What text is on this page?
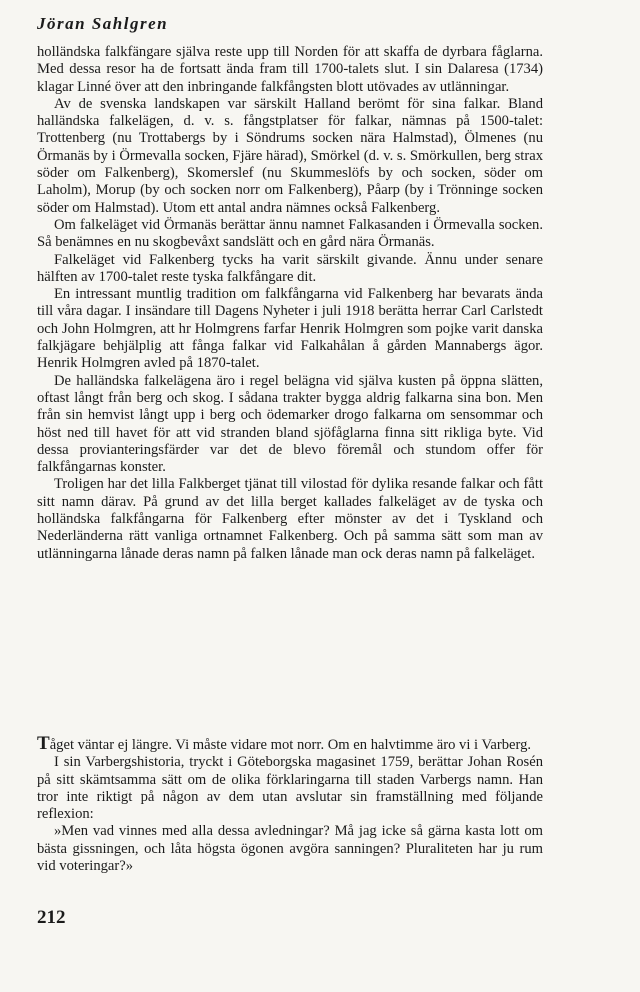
Jöran Sahlgren

holländska falkfängare själva reste upp till Norden för att skaffa de dyrbara fåglarna. Med dessa resor ha de fortsatt ända fram till 1700-talets slut. I sin Dalaresa (1734) klagar Linné över att den inbringande falkfångsten blott utövades av utlänningar.

Av de svenska landskapen var särskilt Halland berömt för sina falkar. Bland halländska falkelägen, d. v. s. fångstplatser för falkar, nämnas på 1500-talet: Trottenberg (nu Trottabergs by i Söndrums socken nära Halmstad), Ölmenes (nu Örmanäs by i Örmevalla socken, Fjäre härad), Smörkel (d. v. s. Smörkullen, berg strax söder om Falkenberg), Skomerslef (nu Skummeslöfs by och socken, söder om Laholm), Morup (by och socken norr om Falkenberg), Påarp (by i Trönninge socken söder om Halmstad). Utom ett antal andra nämnes också Falkenberg.

Om falkeläget vid Örmanäs berättar ännu namnet Falkasanden i Örmevalla socken. Så benämnes en nu skogbevåxt sandslätt och en gård nära Örmanäs.

Falkeläget vid Falkenberg tycks ha varit särskilt givande. Ännu under senare hälften av 1700-talet reste tyska falkfångare dit.

En intressant muntlig tradition om falkfångarna vid Falkenberg har bevarats ända till våra dagar. I insändare till Dagens Nyheter i juli 1918 berätta herrar Carl Carlstedt och John Holmgren, att hr Holmgrens farfar Henrik Holmgren som pojke varit danska falkjägare behjälplig att fånga falkar vid Falkahålan å gården Mannabergs ägor. Henrik Holmgren avled på 1870-talet.

De halländska falkelägena äro i regel belägna vid själva kusten på öppna slätten, oftast långt från berg och skog. I sådana trakter bygga aldrig falkarna sina bon. Men från sin hemvist långt upp i berg och ödemarker drogo falkarna om sensommar och höst ned till havet för att vid stranden bland sjöfåglarna finna sitt rikliga byte. Vid dessa provianteringsfärder var det de blevo föremål och stundom offer för falkfångarnas konster.

Troligen har det lilla Falkberget tjänat till vilostad för dylika resande falkar och fått sitt namn därav. På grund av det lilla berget kallades falkeläget av de tyska och holländska falkfångarna för Falkenberg efter mönster av det i Tyskland och Nederländerna rätt vanliga ortnamnet Falkenberg. Och på samma sätt som man av utlänningarna lånade deras namn på falken lånade man ock deras namn på falkeläget.

Tåget väntar ej längre. Vi måste vidare mot norr. Om en halvtimme äro vi i Varberg.

I sin Varbergshistoria, tryckt i Göteborgska magasinet 1759, berättar Johan Rosén på sitt skämtsamma sätt om de olika förklaringarna till staden Varbergs namn. Han tror inte riktigt på någon av dem utan avslutar sin framställning med följande reflexion:

»Men vad vinnes med alla dessa avledningar? Må jag icke så gärna kasta lott om bästa gissningen, och låta högsta ögonen avgöra sanningen? Pluraliteten har ju rum vid voteringar?»

212
